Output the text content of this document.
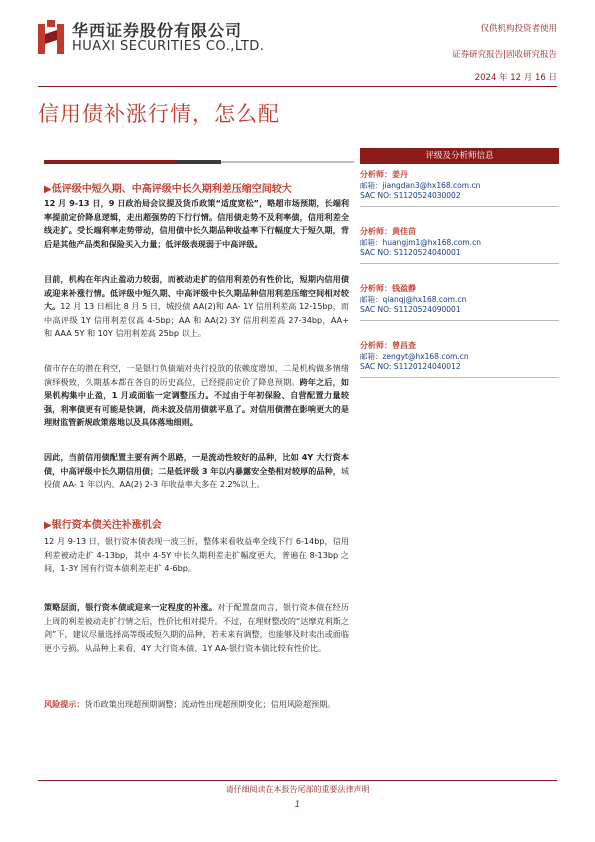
华西证券股份有限公司
HUAXI SECURITIES CO.,LTD.
仅供机构投资者使用
证券研究报告|固收研究报告
2024 年 12 月 16 日
信用债补涨行情，怎么配
▶低评级中短久期、中高评级中长久期利差压缩空间较大
12 月 9-13 日，9 日政治局会议提及货币政策“适度宽松”，略超市场预期，长端利率提前定价降息逻辑，走出超强势的下行行情。信用债走势不及利率债，信用利差全线走扩。受长端利率走势带动，信用债中长久期品种收益率下行幅度大于短久期，背后是其他产品类和保险买入力量；低评级表现弱于中高评级。
目前，机构在年内止盈动力较弱，而被动走扩的信用利差仍有性价比，短期内信用债或迎来补涨行情。低评级中短久期、中高评级中长久期品种信用利差压缩空间相对较大。12 月 13 日相比 8 月 5 日，城投债 AA(2)和 AA- 1Y 信用利差高 12-15bp，而中高评级 1Y 信用利差仅高 4-5bp；AA 和 AA(2) 3Y 信用利差高 27-34bp，AA+ 和 AAA 5Y 和 10Y 信用利差高 25bp 以上。
债市存在的潜在利空，一是银行负债端对央行投放的依赖度增加，二是机构做多情绪演绎极致，久期基本都在各自的历史高位，已经提前定价了降息预期。跨年之后，如果机构集中止盈，1 月或面临一定调整压力。不过由于年初保险、自营配置力量较强，利率债更有可能是快调，尚未波及信用债就平息了。对信用债潜在影响更大的是理财监管新规政策落地以及具体落地细则。
因此，当前信用债配置主要有两个思路，一是流动性较好的品种，比如 4Y 大行资本债，中高评级中长久期信用债；二是低评级 3 年以内暴露安全垫相对较厚的品种，城投债 AA- 1 年以内、AA(2) 2-3 年收益率大多在 2.2%以上。
▶银行资本债关注补涨机会
12 月 9-13 日，银行资本债表现一波三折，整体来看收益率全线下行 6-14bp，信用利差被动走扩 4-13bp，其中 4-5Y 中长久期利差走扩幅度更大，普遍在 8-13bp 之间，1-3Y 国有行资本债利差走扩 4-6bp。
策略层面，银行资本债或迎来一定程度的补涨。对于配置盘而言，银行资本债在经历上周的利差被动走扩行情之后，性价比相对提升。不过，在理财整改的“达摩克利斯之剑”下，建议尽量选择高等级或短久期的品种，若未来有调整，也能够及时卖出或面临更小亏损。从品种上来看，4Y 大行资本债、1Y AA-银行资本债比较有性价比。
风险提示：货币政策出现超预期调整；流动性出现超预期变化；信用风险超预期。
评级及分析师信息
分析师：姜丹
邮箱：jiangdan3@hx168.com.cn
SAC NO: S1120524030002
分析师：黄佳苗
邮箱：huangjm1@hx168.com.cn
SAC NO: S1120524040001
分析师：钱盈静
邮箱：qianqj@hx168.com.cn
SAC NO: S1120524090001
分析师：曾昌查
邮箱：zengyt@hx168.com.cn
SAC NO: S1120124040012
请仔细阅读在本报告尾部的重要法律声明
1
